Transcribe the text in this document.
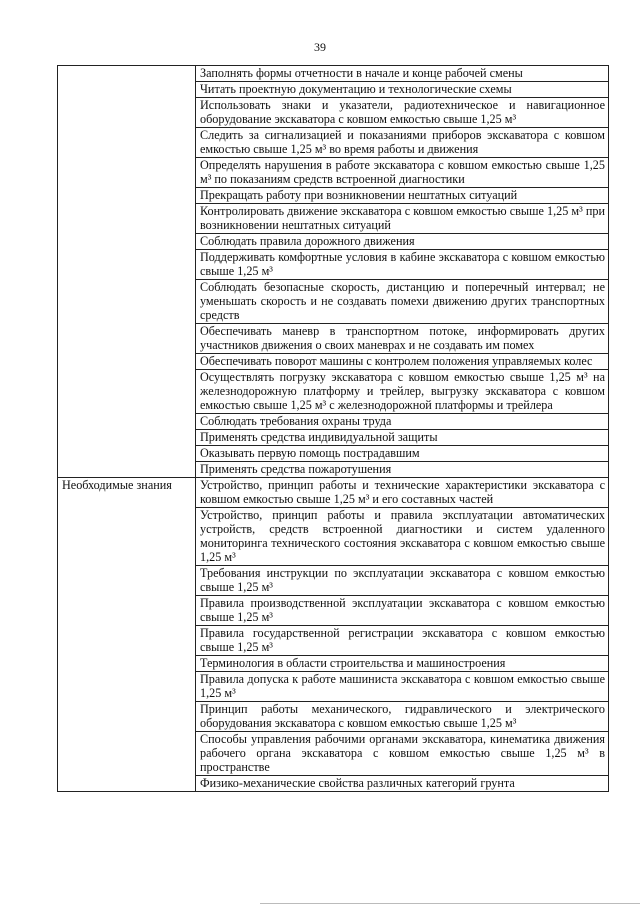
39
	Заполнять формы отчетности в начале и конце рабочей смены
	Читать проектную документацию и технологические схемы
	Использовать знаки и указатели, радиотехническое и навигационное оборудование экскаватора с ковшом емкостью свыше 1,25 м³
	Следить за сигнализацией и показаниями приборов экскаватора с ковшом емкостью свыше 1,25 м³ во время работы и движения
	Определять нарушения в работе экскаватора с ковшом емкостью свыше 1,25 м³ по показаниям средств встроенной диагностики
	Прекращать работу при возникновении нештатных ситуаций
	Контролировать движение экскаватора с ковшом емкостью свыше 1,25 м³ при возникновении нештатных ситуаций
	Соблюдать правила дорожного движения
	Поддерживать комфортные условия в кабине экскаватора с ковшом емкостью свыше 1,25 м³
	Соблюдать безопасные скорость, дистанцию и поперечный интервал; не уменьшать скорость и не создавать помехи движению других транспортных средств
	Обеспечивать маневр в транспортном потоке, информировать других участников движения о своих маневрах и не создавать им помех
	Обеспечивать поворот машины с контролем положения управляемых колес
	Осуществлять погрузку экскаватора с ковшом емкостью свыше 1,25 м³ на железнодорожную платформу и трейлер, выгрузку экскаватора с ковшом емкостью свыше 1,25 м³ с железнодорожной платформы и трейлера
	Соблюдать требования охраны труда
	Применять средства индивидуальной защиты
	Оказывать первую помощь пострадавшим
	Применять средства пожаротушения
Необходимые знания	Устройство, принцип работы и технические характеристики экскаватора с ковшом емкостью свыше 1,25 м³ и его составных частей
	Устройство, принцип работы и правила эксплуатации автоматических устройств, средств встроенной диагностики и систем удаленного мониторинга технического состояния экскаватора с ковшом емкостью свыше 1,25 м³
	Требования инструкции по эксплуатации экскаватора с ковшом емкостью свыше 1,25 м³
	Правила производственной эксплуатации экскаватора с ковшом емкостью свыше 1,25 м³
	Правила государственной регистрации экскаватора с ковшом емкостью свыше 1,25 м³
	Терминология в области строительства и машиностроения
	Правила допуска к работе машиниста экскаватора с ковшом емкостью свыше 1,25 м³
	Принцип работы механического, гидравлического и электрического оборудования экскаватора с ковшом емкостью свыше 1,25 м³
	Способы управления рабочими органами экскаватора, кинематика движения рабочего органа экскаватора с ковшом емкостью свыше 1,25 м³ в пространстве
	Физико-механические свойства различных категорий грунта
